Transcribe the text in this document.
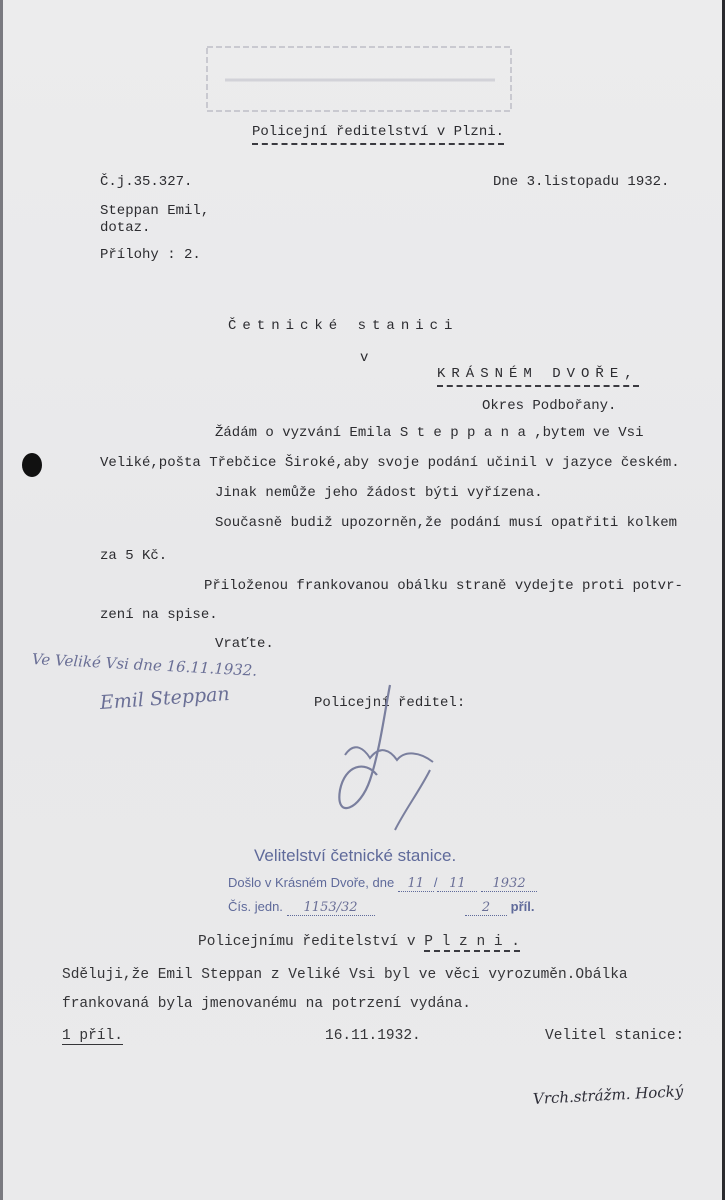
Policejní ředitelství v Plzni.
Č.j.35.327.	Dne 3.listopadu 1932.
Steppan Emil,
dotaz.
Přílohy : 2.
Četnické stanici
v
KRÁSNÉM DVOŘE,
Okres Podbořany.
Žádám o vyzvání Emila S t e p p a n a ,bytem ve Vsi
Veliké,pošta Třebčice Široké,aby svoje podání učinil v jazyce českém.
Jinak nemůže jeho žádost býti vyřízena.
Současně budiž upozorněn,že podání musí opatřiti kolkem
za 5 Kč.
Přiloženou frankovanou obálku straně vydejte proti potvr-
zení na spise.
Vraťte.
Ve Veliké Vsi dne 16.11.1932.
Emil Steppan	Policejní ředitel:
Velitelství četnické stanice.
Došlo v Krásném Dvoře, dne 11 / 11 1932
Čís. jedn. 1153/32	2 příl.
Policejnímu ředitelství v P l z n i .
Sděluji,že Emil Steppan z Veliké Vsi byl ve věci vyrozuměn.Obálka
frankovaná byla jmenovanému na potrzení vydána.
1 příl.	16.11.1932.	Velitel stanice:
Vrch.strážm. Hocký
